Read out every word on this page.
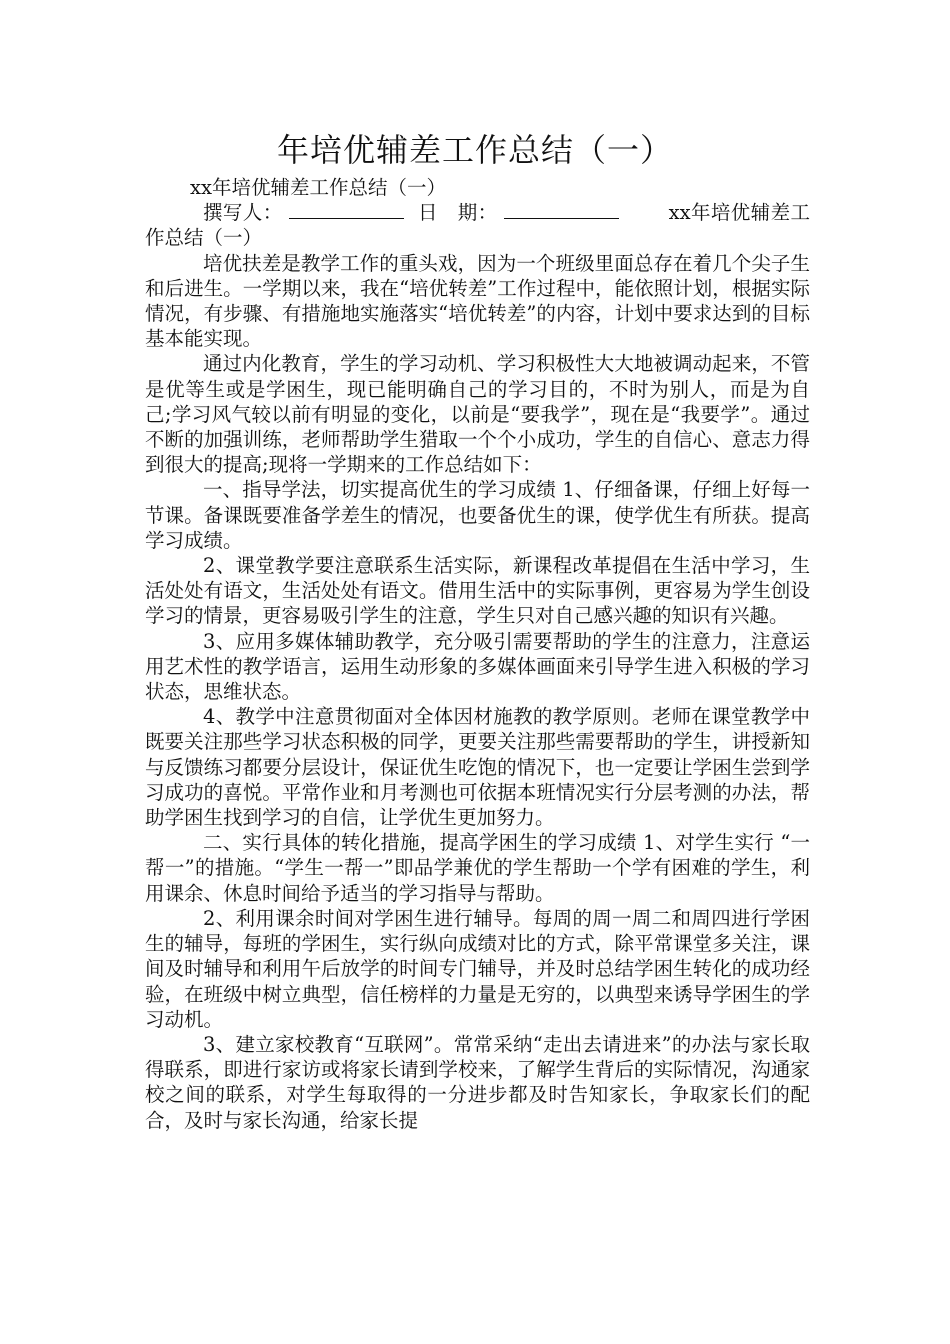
年培优辅差工作总结（一）

xx年培优辅差工作总结（一）

撰写人：	日　期：	xx年培优辅差工作总结（一）

培优扶差是教学工作的重头戏，因为一个班级里面总存在着几个尖子生和后进生。一学期以来，我在“培优转差”工作过程中，能依照计划，根据实际情况，有步骤、有措施地实施落实“培优转差”的内容，计划中要求达到的目标基本能实现。

通过内化教育，学生的学习动机、学习积极性大大地被调动起来，不管是优等生或是学困生，现已能明确自己的学习目的，不时为别人，而是为自己;学习风气较以前有明显的变化，以前是“要我学”，现在是“我要学”。通过不断的加强训练，老师帮助学生猎取一个个小成功，学生的自信心、意志力得到很大的提高;现将一学期来的工作总结如下：

一、指导学法，切实提高优生的学习成绩 1、仔细备课，仔细上好每一节课。备课既要准备学差生的情况，也要备优生的课，使学优生有所获。提高学习成绩。

2、课堂教学要注意联系生活实际，新课程改革提倡在生活中学习，生活处处有语文，生活处处有语文。借用生活中的实际事例，更容易为学生创设学习的情景，更容易吸引学生的注意，学生只对自己感兴趣的知识有兴趣。

3、应用多媒体辅助教学，充分吸引需要帮助的学生的注意力，注意运用艺术性的教学语言，运用生动形象的多媒体画面来引导学生进入积极的学习状态，思维状态。

4、教学中注意贯彻面对全体因材施教的教学原则。老师在课堂教学中既要关注那些学习状态积极的同学，更要关注那些需要帮助的学生，讲授新知与反馈练习都要分层设计，保证优生吃饱的情况下，也一定要让学困生尝到学习成功的喜悦。平常作业和月考测也可依据本班情况实行分层考测的办法，帮助学困生找到学习的自信，让学优生更加努力。

二、实行具体的转化措施，提高学困生的学习成绩 1、对学生实行 “一帮一”的措施。“学生一帮一”即品学兼优的学生帮助一个学有困难的学生，利用课余、休息时间给予适当的学习指导与帮助。

2、利用课余时间对学困生进行辅导。每周的周一周二和周四进行学困生的辅导，每班的学困生，实行纵向成绩对比的方式，除平常课堂多关注，课间及时辅导和利用午后放学的时间专门辅导，并及时总结学困生转化的成功经验，在班级中树立典型，信任榜样的力量是无穷的，以典型来诱导学困生的学习动机。

3、建立家校教育“互联网”。常常采纳“走出去请进来”的办法与家长取得联系，即进行家访或将家长请到学校来，了解学生背后的实际情况，沟通家校之间的联系，对学生每取得的一分进步都及时告知家长，争取家长们的配合，及时与家长沟通，给家长提
